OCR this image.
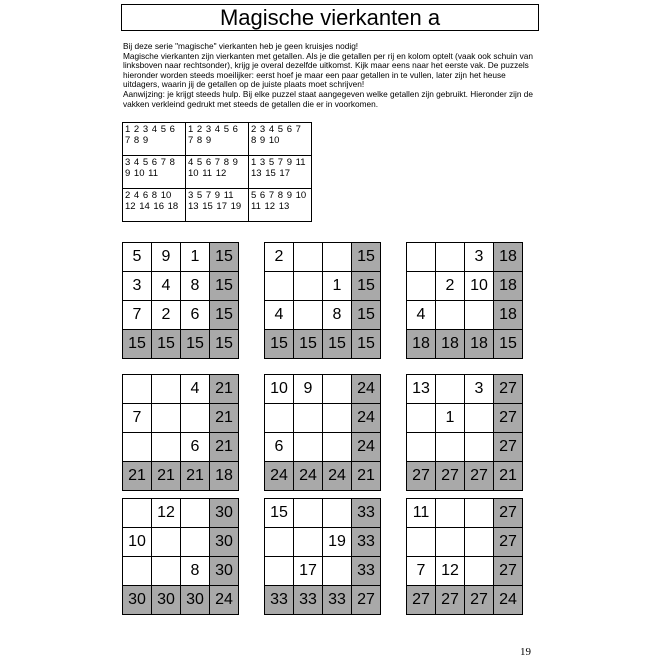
Magische vierkanten a

Bij deze serie "magische" vierkanten heb je geen kruisjes nodig!

Magische vierkanten zijn vierkanten met getallen. Als je die getallen per rij en kolom optelt (vaak ook schuin van linksboven naar rechtsonder), krijg je overal dezelfde uitkomst. Kijk maar eens naar het eerste vak. De puzzels hieronder worden steeds moeilijker: eerst hoef je maar een paar getallen in te vullen, later zijn het heuse uitdagers, waarin jij de getallen op de juiste plaats moet schrijven!

Aanwijzing: je krijgt steeds hulp. Bij elke puzzel staat aangegeven welke getallen zijn gebruikt. Hieronder zijn de vakken verkleind gedrukt met steeds de getallen die er in voorkomen.

1 2 3 4 5 6 7 8 9	1 2 3 4 5 6 7 8 9	2 3 4 5 6 7 8 9 10
3 4 5 6 7 8 9 10 11	4 5 6 7 8 9 10 11 12	1 3 5 7 9 11 13 15 17
2 4 6 8 10 12 14 16 18	3 5 7 9 11 13 15 17 19	5 6 7 8 9 10 11 12 13
5	9	1	15
3	4	8	15
7	2	6	15
15	15	15	15
2			15
		1	15
4		8	15
15	15	15	15
		3	18
	2	10	18
4			18
18	18	18	15
		4	21
7			21
		6	21
21	21	21	18
10	9		24
			24
6			24
24	24	24	21
13		3	27
	1		27
			27
27	27	27	21
	12		30
10			30
		8	30
30	30	30	24
15			33
		19	33
	17		33
33	33	33	27
11			27
			27
7	12		27
27	27	27	24
19
